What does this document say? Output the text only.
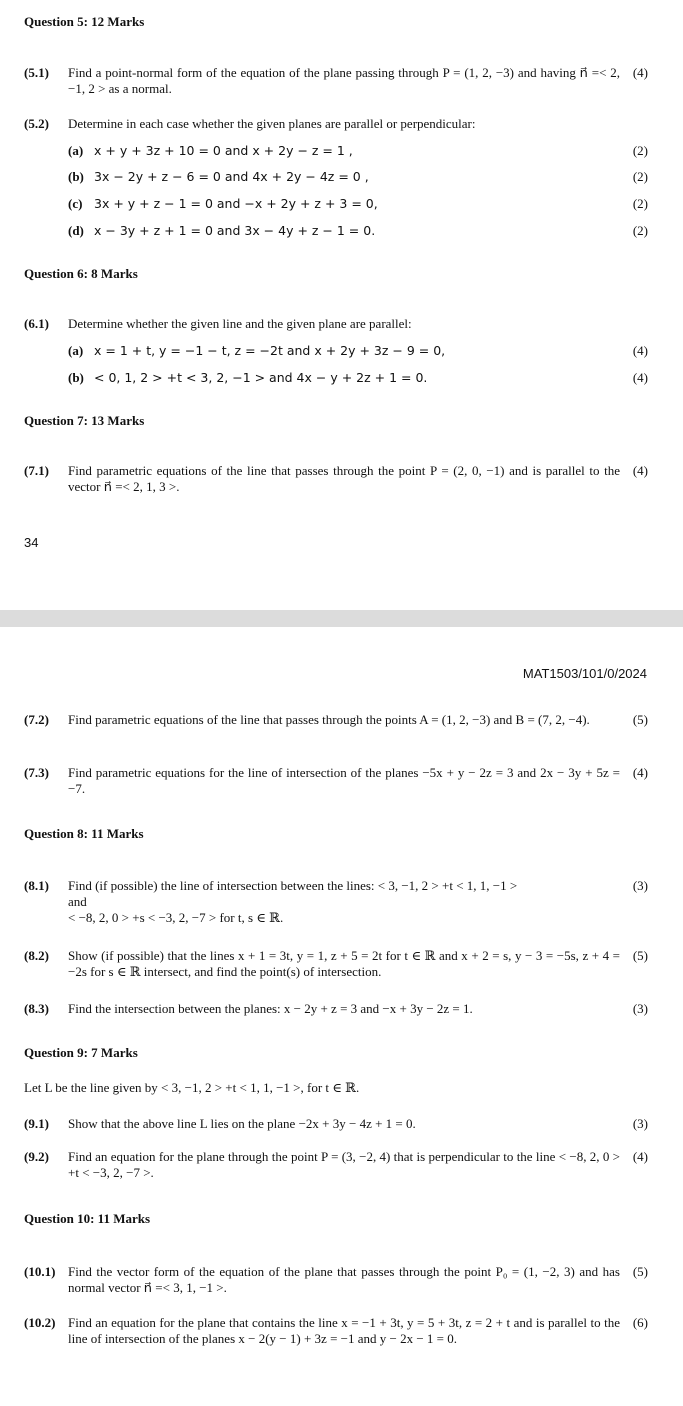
Question 5: 12 Marks
(5.1) Find a point-normal form of the equation of the plane passing through P = (1, 2, −3) and having n⃗ =< 2, −1, 2 > as a normal.
(4)
(5.2) Determine in each case whether the given planes are parallel or perpendicular:
(a) x + y + 3z + 10 = 0 and x + 2y − z = 1 ,	(2)
(b) 3x − 2y + z − 6 = 0 and 4x + 2y − 4z = 0 ,	(2)
(c) 3x + y + z − 1 = 0 and −x + 2y + z + 3 = 0,	(2)
(d) x − 3y + z + 1 = 0 and 3x − 4y + z − 1 = 0.	(2)
Question 6: 8 Marks
(6.1) Determine whether the given line and the given plane are parallel:
(a) x = 1 + t, y = −1 − t, z = −2t and x + 2y + 3z − 9 = 0,	(4)
(b) < 0, 1, 2 > +t < 3, 2, −1 > and 4x − y + 2z + 1 = 0.	(4)
Question 7: 13 Marks
(7.1) Find parametric equations of the line that passes through the point P = (2, 0, −1) and is parallel to the vector n⃗ =< 2, 1, 3 >.
(4)
34
MAT1503/101/0/2024
(7.2) Find parametric equations of the line that passes through the points A = (1, 2, −3) and B = (7, 2, −4).	(5)
(7.3) Find parametric equations for the line of intersection of the planes −5x + y − 2z = 3 and 2x − 3y + 5z = −7.
(4)
Question 8: 11 Marks
(8.1) Find (if possible) the line of intersection between the lines: < 3, −1, 2 > +t < 1, 1, −1 >
and
< −8, 2, 0 > +s < −3, 2, −7 > for t, s ∈ ℝ.
(3)
(8.2) Show (if possible) that the lines x + 1 = 3t, y = 1, z + 5 = 2t for t ∈ ℝ and x + 2 = s, y − 3 = −5s, z + 4 = −2s for s ∈ ℝ intersect, and find the point(s) of intersection.
(5)
(8.3) Find the intersection between the planes: x − 2y + z = 3 and −x + 3y − 2z = 1.	(3)
Question 9: 7 Marks
Let L be the line given by < 3, −1, 2 > +t < 1, 1, −1 >, for t ∈ ℝ.
(9.1) Show that the above line L lies on the plane −2x + 3y − 4z + 1 = 0.	(3)
(9.2) Find an equation for the plane through the point P = (3, −2, 4) that is perpendicular to the line < −8, 2, 0 > +t < −3, 2, −7 >.
(4)
Question 10: 11 Marks
(10.1) Find the vector form of the equation of the plane that passes through the point P₀ = (1, −2, 3) and has normal vector n⃗ =< 3, 1, −1 >.
(5)
(10.2) Find an equation for the plane that contains the line x = −1 + 3t, y = 5 + 3t, z = 2 + t and is parallel to the line of intersection of the planes x − 2(y − 1) + 3z = −1 and y − 2x − 1 = 0.
(6)
